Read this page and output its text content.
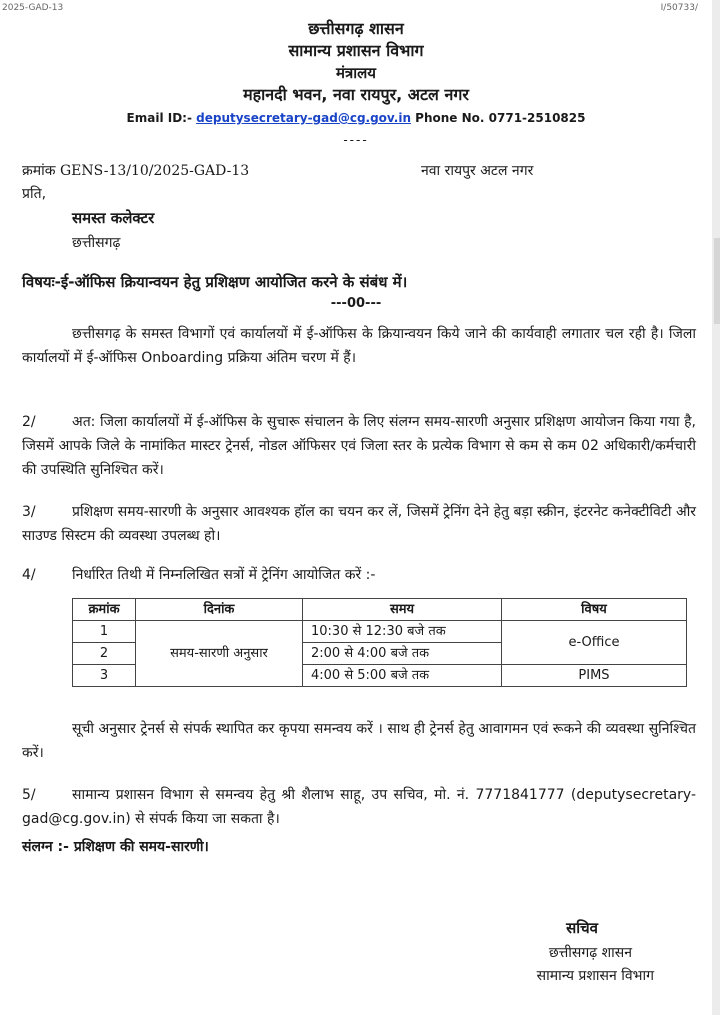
2025-GAD-13	I/50733/
छत्तीसगढ़ शासन
सामान्य प्रशासन विभाग
मंत्रालय
महानदी भवन, नवा रायपुर, अटल नगर
Email ID:- deputysecretary-gad@cg.gov.in Phone No. 0771-2510825
----
क्रमांक GENS-13/10/2025-GAD-13	नवा रायपुर अटल नगर
प्रति,
समस्त कलेक्टर
छत्तीसगढ़
विषयः-ई-ऑफिस क्रियान्वयन हेतु प्रशिक्षण आयोजित करने के संबंध में।
---00---
छत्तीसगढ़ के समस्त विभागों एवं कार्यालयों में ई-ऑफिस के क्रियान्वयन किये जाने की कार्यवाही लगातार चल रही है। जिला कार्यालयों में ई-ऑफिस Onboarding प्रक्रिया अंतिम चरण में हैं।
2/	अत: जिला कार्यालयों में ई-ऑफिस के सुचारू संचालन के लिए संलग्न समय-सारणी अनुसार प्रशिक्षण आयोजन किया गया है, जिसमें आपके जिले के नामांकित मास्टर ट्रेनर्स, नोडल ऑफिसर एवं जिला स्तर के प्रत्येक विभाग से कम से कम 02 अधिकारी/कर्मचारी की उपस्थिति सुनिश्चित करें।
3/	प्रशिक्षण समय-सारणी के अनुसार आवश्यक हॉल का चयन कर लें, जिसमें ट्रेनिंग देने हेतु बड़ा स्क्रीन, इंटरनेट कनेक्टीविटी और साउण्ड सिस्टम की व्यवस्था उपलब्ध हो।
4/	निर्धारित तिथी में निम्नलिखित सत्रों में ट्रेनिंग आयोजित करें :-
क्रमांक	दिनांक	समय	विषय
1	समय-सारणी अनुसार	10:30 से 12:30 बजे तक	e-Office
2		2:00 से 4:00 बजे तक	
3		4:00 से 5:00 बजे तक	PIMS
सूची अनुसार ट्रेनर्स से संपर्क स्थापित कर कृपया समन्वय करें । साथ ही ट्रेनर्स हेतु आवागमन एवं रूकने की व्यवस्था सुनिश्चित करें।
5/	सामान्य प्रशासन विभाग से समन्वय हेतु श्री शैलाभ साहू, उप सचिव, मो. नं. 7771841777 (deputysecretary-gad@cg.gov.in) से संपर्क किया जा सकता है।
संलग्न :- प्रशिक्षण की समय-सारणी।
सचिव
छत्तीसगढ़ शासन
सामान्य प्रशासन विभाग
